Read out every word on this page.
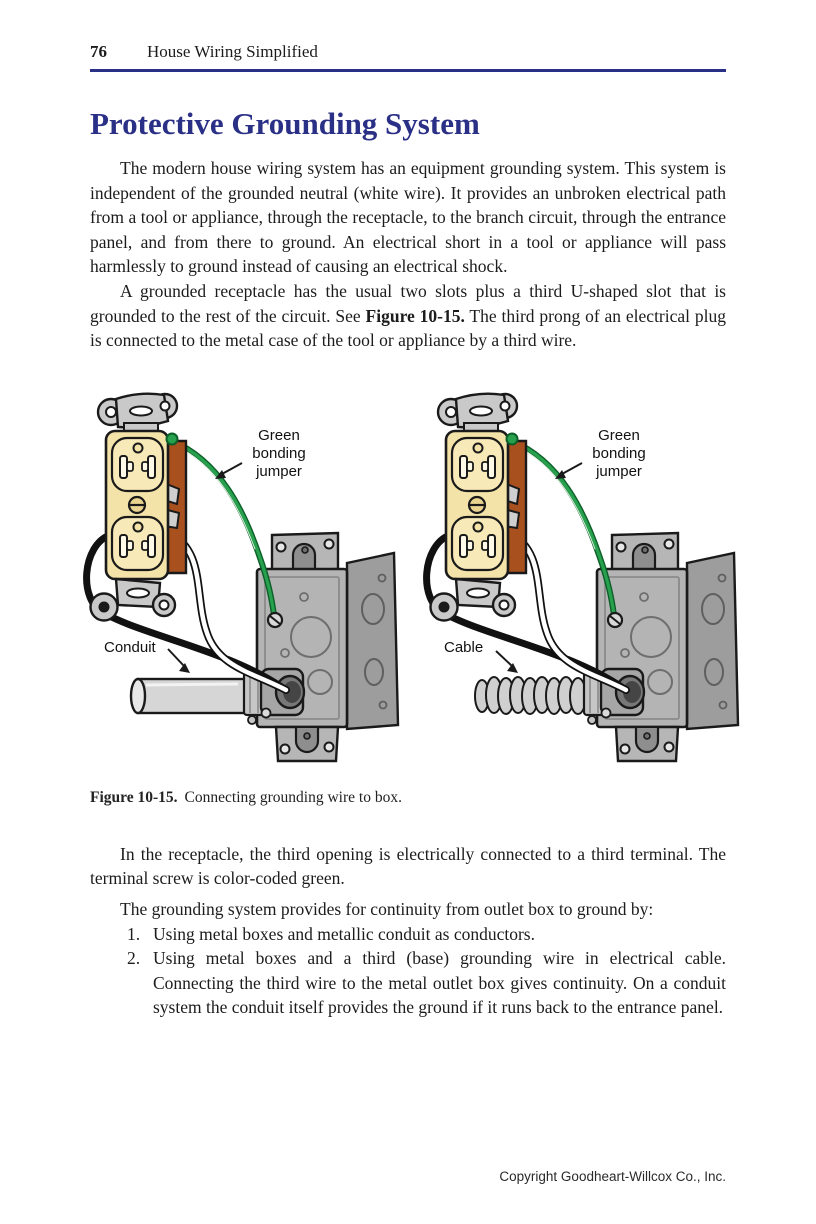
76 House Wiring Simplified
Protective Grounding System

The modern house wiring system has an equipment grounding system. This system is independent of the grounded neutral (white wire). It provides an unbroken electrical path from a tool or appliance, through the receptacle, to the branch circuit, through the entrance panel, and from there to ground. An electrical short in a tool or appliance will pass harmlessly to ground instead of causing an electrical shock.

A grounded receptacle has the usual two slots plus a third U-shaped slot that is grounded to the rest of the circuit. See Figure 10-15. The third prong of an electrical plug is connected to the metal case of the tool or appliance by a third wire.

Green bonding jumper
Conduit
Green bonding jumper
Cable
Figure 10-15. Connecting grounding wire to box.

In the receptacle, the third opening is electrically connected to a third terminal. The terminal screw is color-coded green.

The grounding system provides for continuity from outlet box to ground by:

1. Using metal boxes and metallic conduit as conductors.
2. Using metal boxes and a third (base) grounding wire in electrical cable. Connecting the third wire to the metal outlet box gives continuity. On a conduit system the conduit itself provides the ground if it runs back to the entrance panel.
Copyright Goodheart-Willcox Co., Inc.
